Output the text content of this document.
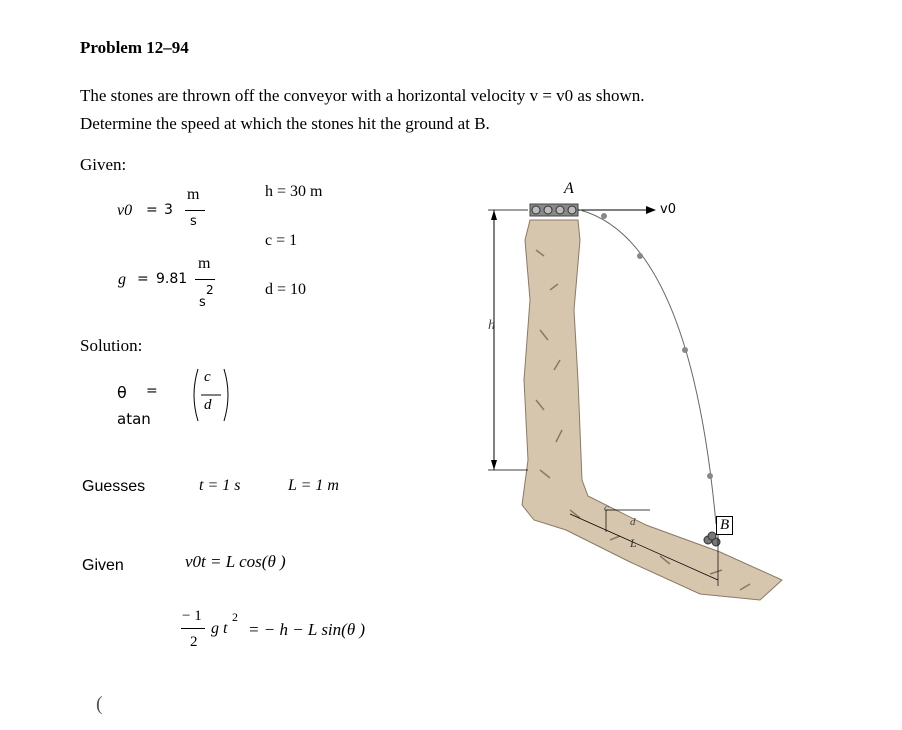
Problem 12–94
The stones are thrown off the conveyor with a horizontal velocity v = v0 as shown.
Determine the speed at which the stones hit the ground at B.
Given:
v0 = 3
m
s
g = 9.81
m
s
2
h = 30 m
c = 1
d = 10
Solution:
θ =
atan
c
d
Guesses	t = 1 s	L = 1 m
Given	v0t = L cos(θ )
− 1
2
g t
2
= − h − L sin(θ )
(
A
v0
h
c
d
L
B
